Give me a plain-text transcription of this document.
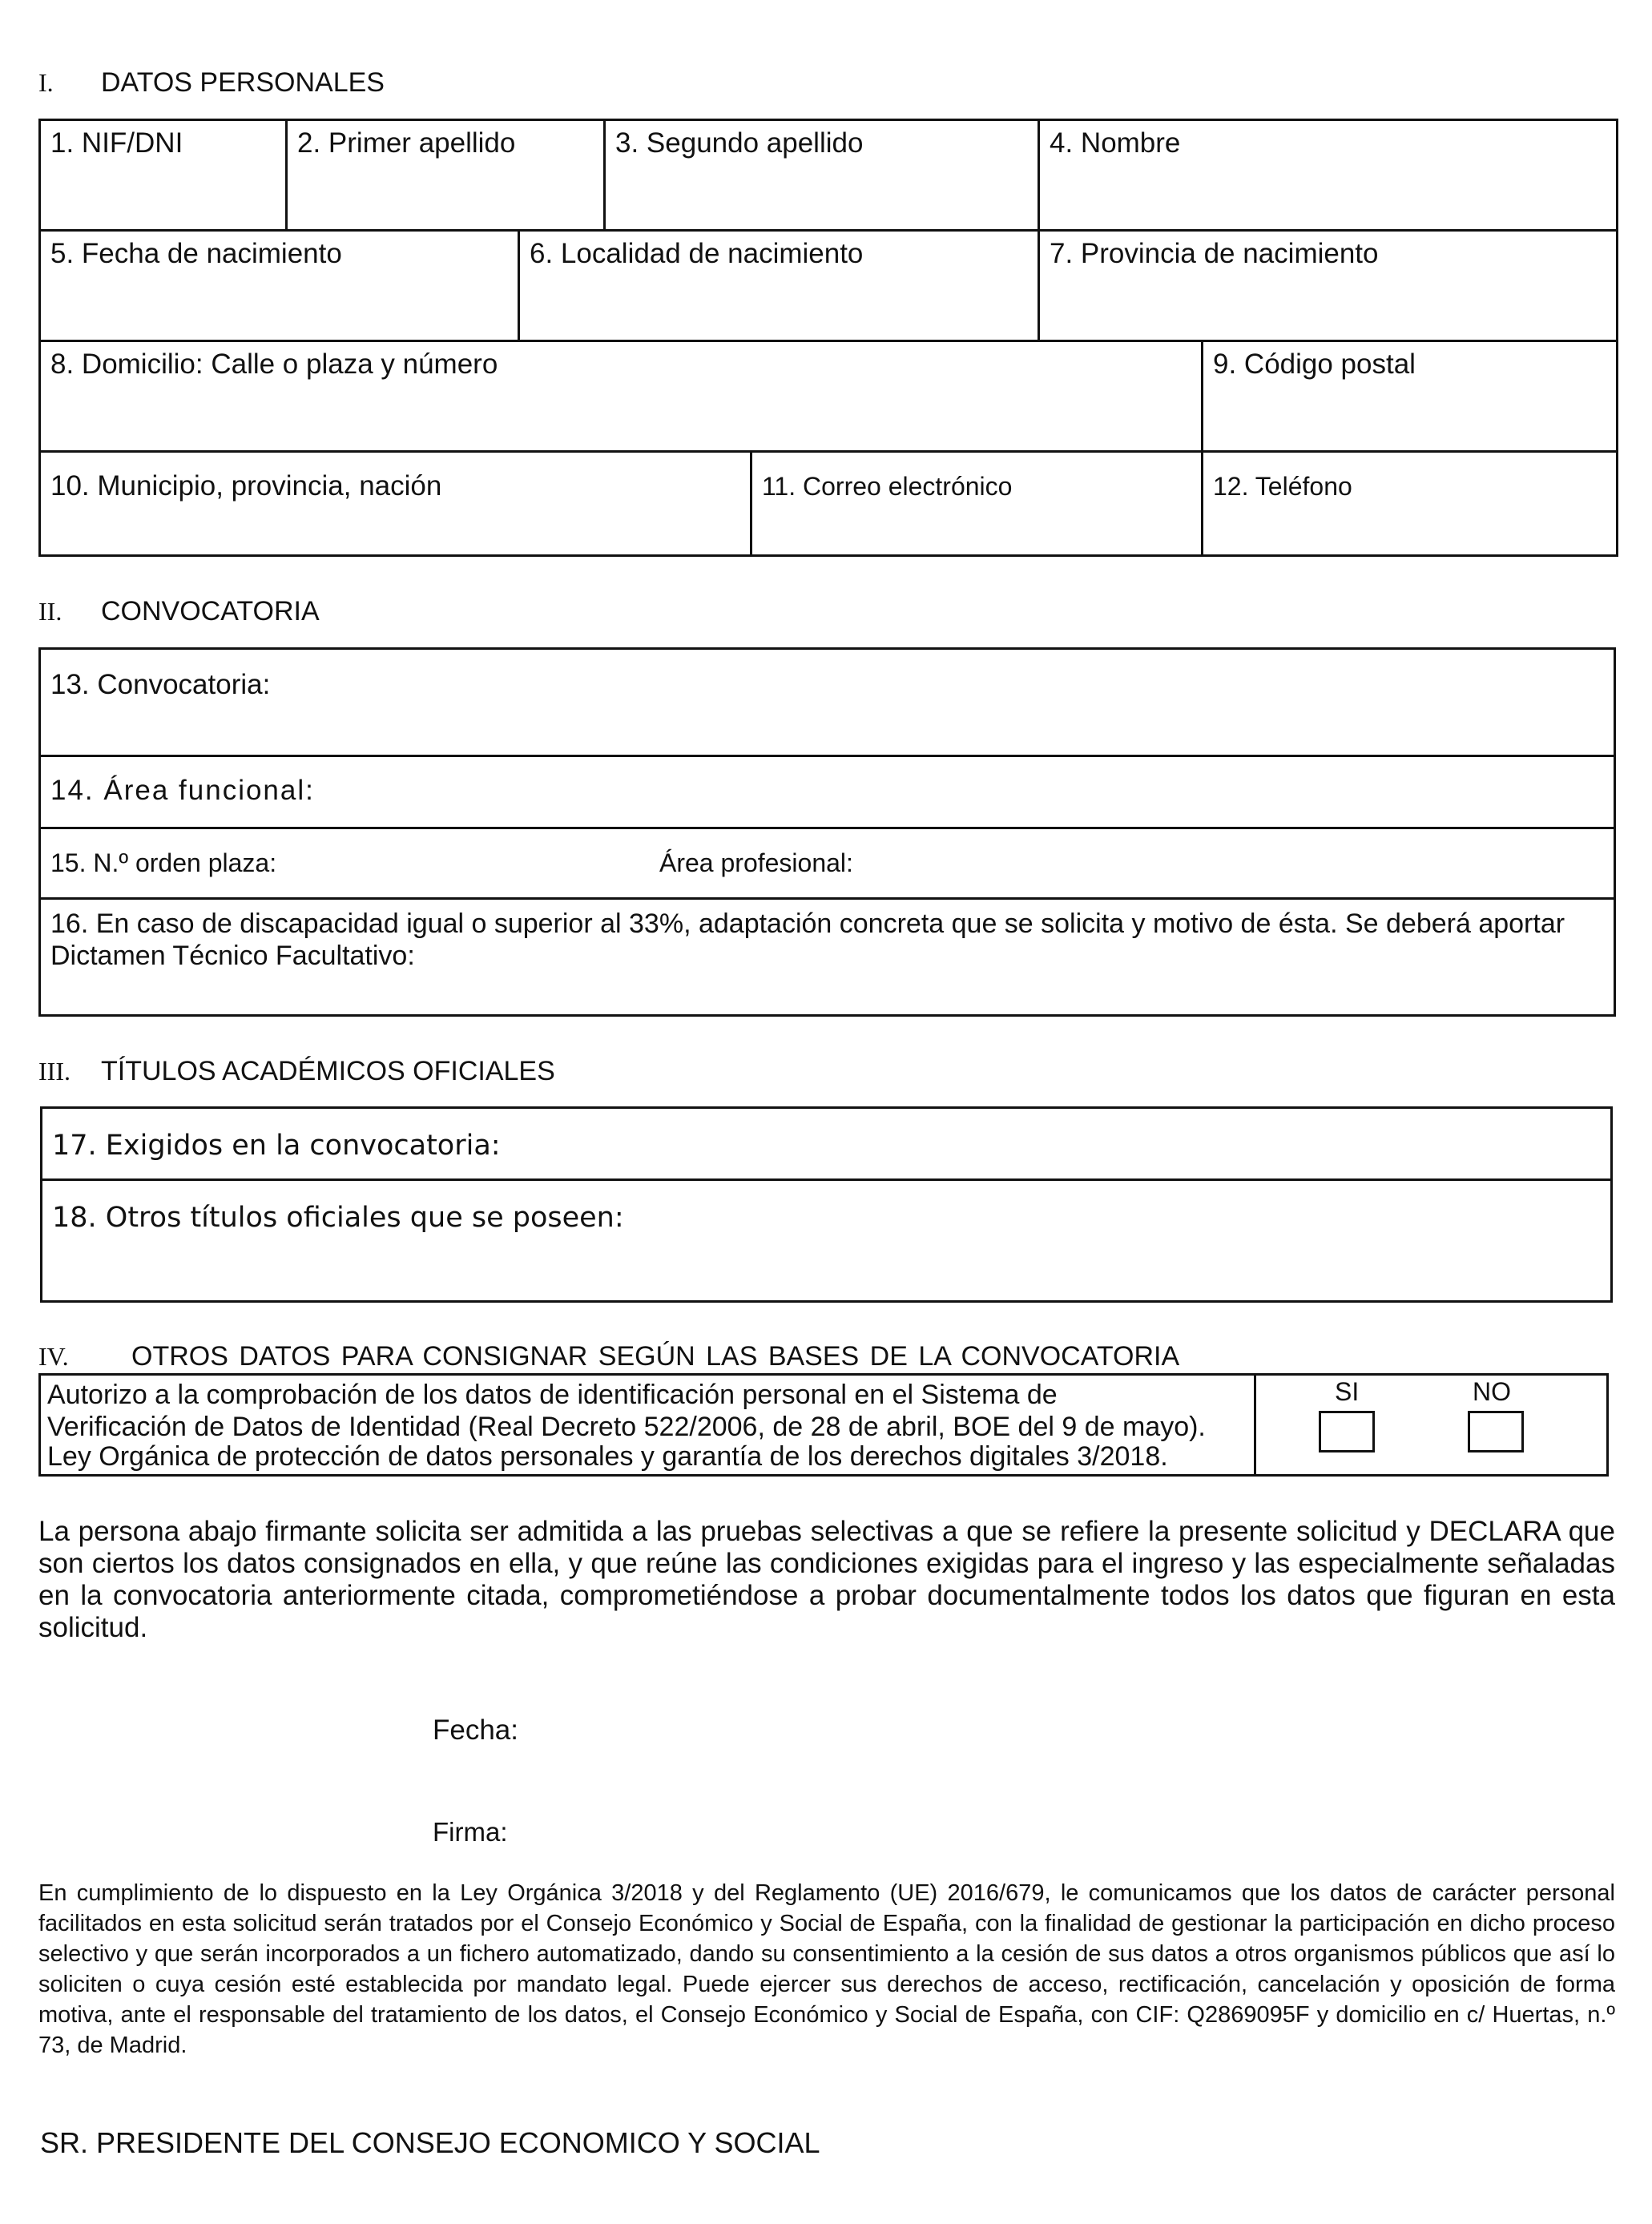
I. DATOS PERSONALES
1. NIF/DNI	2. Primer apellido		3. Segundo apellido		4. Nombre	
5. Fecha de nacimiento		6. Localidad de nacimiento			7. Provincia de nacimiento	
8. Domicilio: Calle o plaza y número						9. Código postal
10. Municipio, provincia, nación				11. Correo electrónico		12. Teléfono
II. CONVOCATORIA
13. Convocatoria:
14. Área funcional:
15. N.º orden plaza:	Área profesional:
16. En caso de discapacidad igual o superior al 33%, adaptación concreta que se solicita y motivo de ésta. Se deberá aportar Dictamen Técnico Facultativo:
III. TÍTULOS ACADÉMICOS OFICIALES
17. Exigidos en la convocatoria:
18. Otros títulos oficiales que se poseen:
IV. OTROS DATOS PARA CONSIGNAR SEGÚN LAS BASES DE LA CONVOCATORIA
Autorizo a la comprobación de los datos de identificación personal en el Sistema de
Verificación de Datos de Identidad (Real Decreto 522/2006, de 28 de abril, BOE del 9 de mayo).
Ley Orgánica de protección de datos personales y garantía de los derechos digitales 3/2018.

SI	NO
La persona abajo firmante solicita ser admitida a las pruebas selectivas a que se refiere la presente solicitud y DECLARA que son ciertos los datos consignados en ella, y que reúne las condiciones exigidas para el ingreso y las especialmente señaladas en la convocatoria anteriormente citada, comprometiéndose a probar documentalmente todos los datos que figuran en esta solicitud.
Fecha:
Firma:
En cumplimiento de lo dispuesto en la Ley Orgánica 3/2018 y del Reglamento (UE) 2016/679, le comunicamos que los datos de carácter personal facilitados en esta solicitud serán tratados por el Consejo Económico y Social de España, con la finalidad de gestionar la participación en dicho proceso selectivo y que serán incorporados a un fichero automatizado, dando su consentimiento a la cesión de sus datos a otros organismos públicos que así lo soliciten o cuya cesión esté establecida por mandato legal. Puede ejercer sus derechos de acceso, rectificación, cancelación y oposición de forma motiva, ante el responsable del tratamiento de los datos, el Consejo Económico y Social de España, con CIF: Q2869095F y domicilio en c/ Huertas, n.º 73, de Madrid.
SR. PRESIDENTE DEL CONSEJO ECONOMICO Y SOCIAL
